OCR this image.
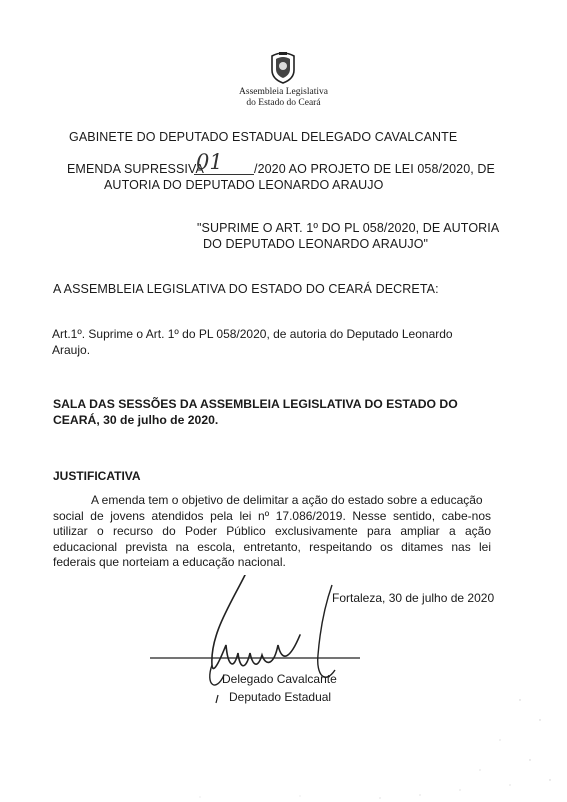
Assembleia Legislativa
do Estado do Ceará
GABINETE DO DEPUTADO ESTADUAL DELEGADO CAVALCANTE
EMENDA SUPRESSIVA
01	/2020 AO PROJETO DE LEI 058/2020, DE
AUTORIA DO DEPUTADO LEONARDO ARAUJO
"SUPRIME O ART. 1º DO PL 058/2020, DE AUTORIA
DO DEPUTADO LEONARDO ARAUJO"
A ASSEMBLEIA LEGISLATIVA DO ESTADO DO CEARÁ DECRETA:
Art.1º. Suprime o Art. 1º do PL 058/2020, de autoria do Deputado Leonardo
Araujo.
SALA DAS SESSÕES DA ASSEMBLEIA LEGISLATIVA DO ESTADO DO
CEARÁ, 30 de julho de 2020.
JUSTIFICATIVA

A emenda tem o objetivo de delimitar a ação do estado sobre a educação

social de jovens atendidos pela lei nº 17.086/2019. Nesse sentido, cabe-nos

utilizar o recurso do Poder Público exclusivamente para ampliar a ação

educacional prevista na escola, entretanto, respeitando os ditames nas lei

federais que norteiam a educação nacional.

Fortaleza, 30 de julho de 2020
Delegado Cavalcante
Deputado Estadual
